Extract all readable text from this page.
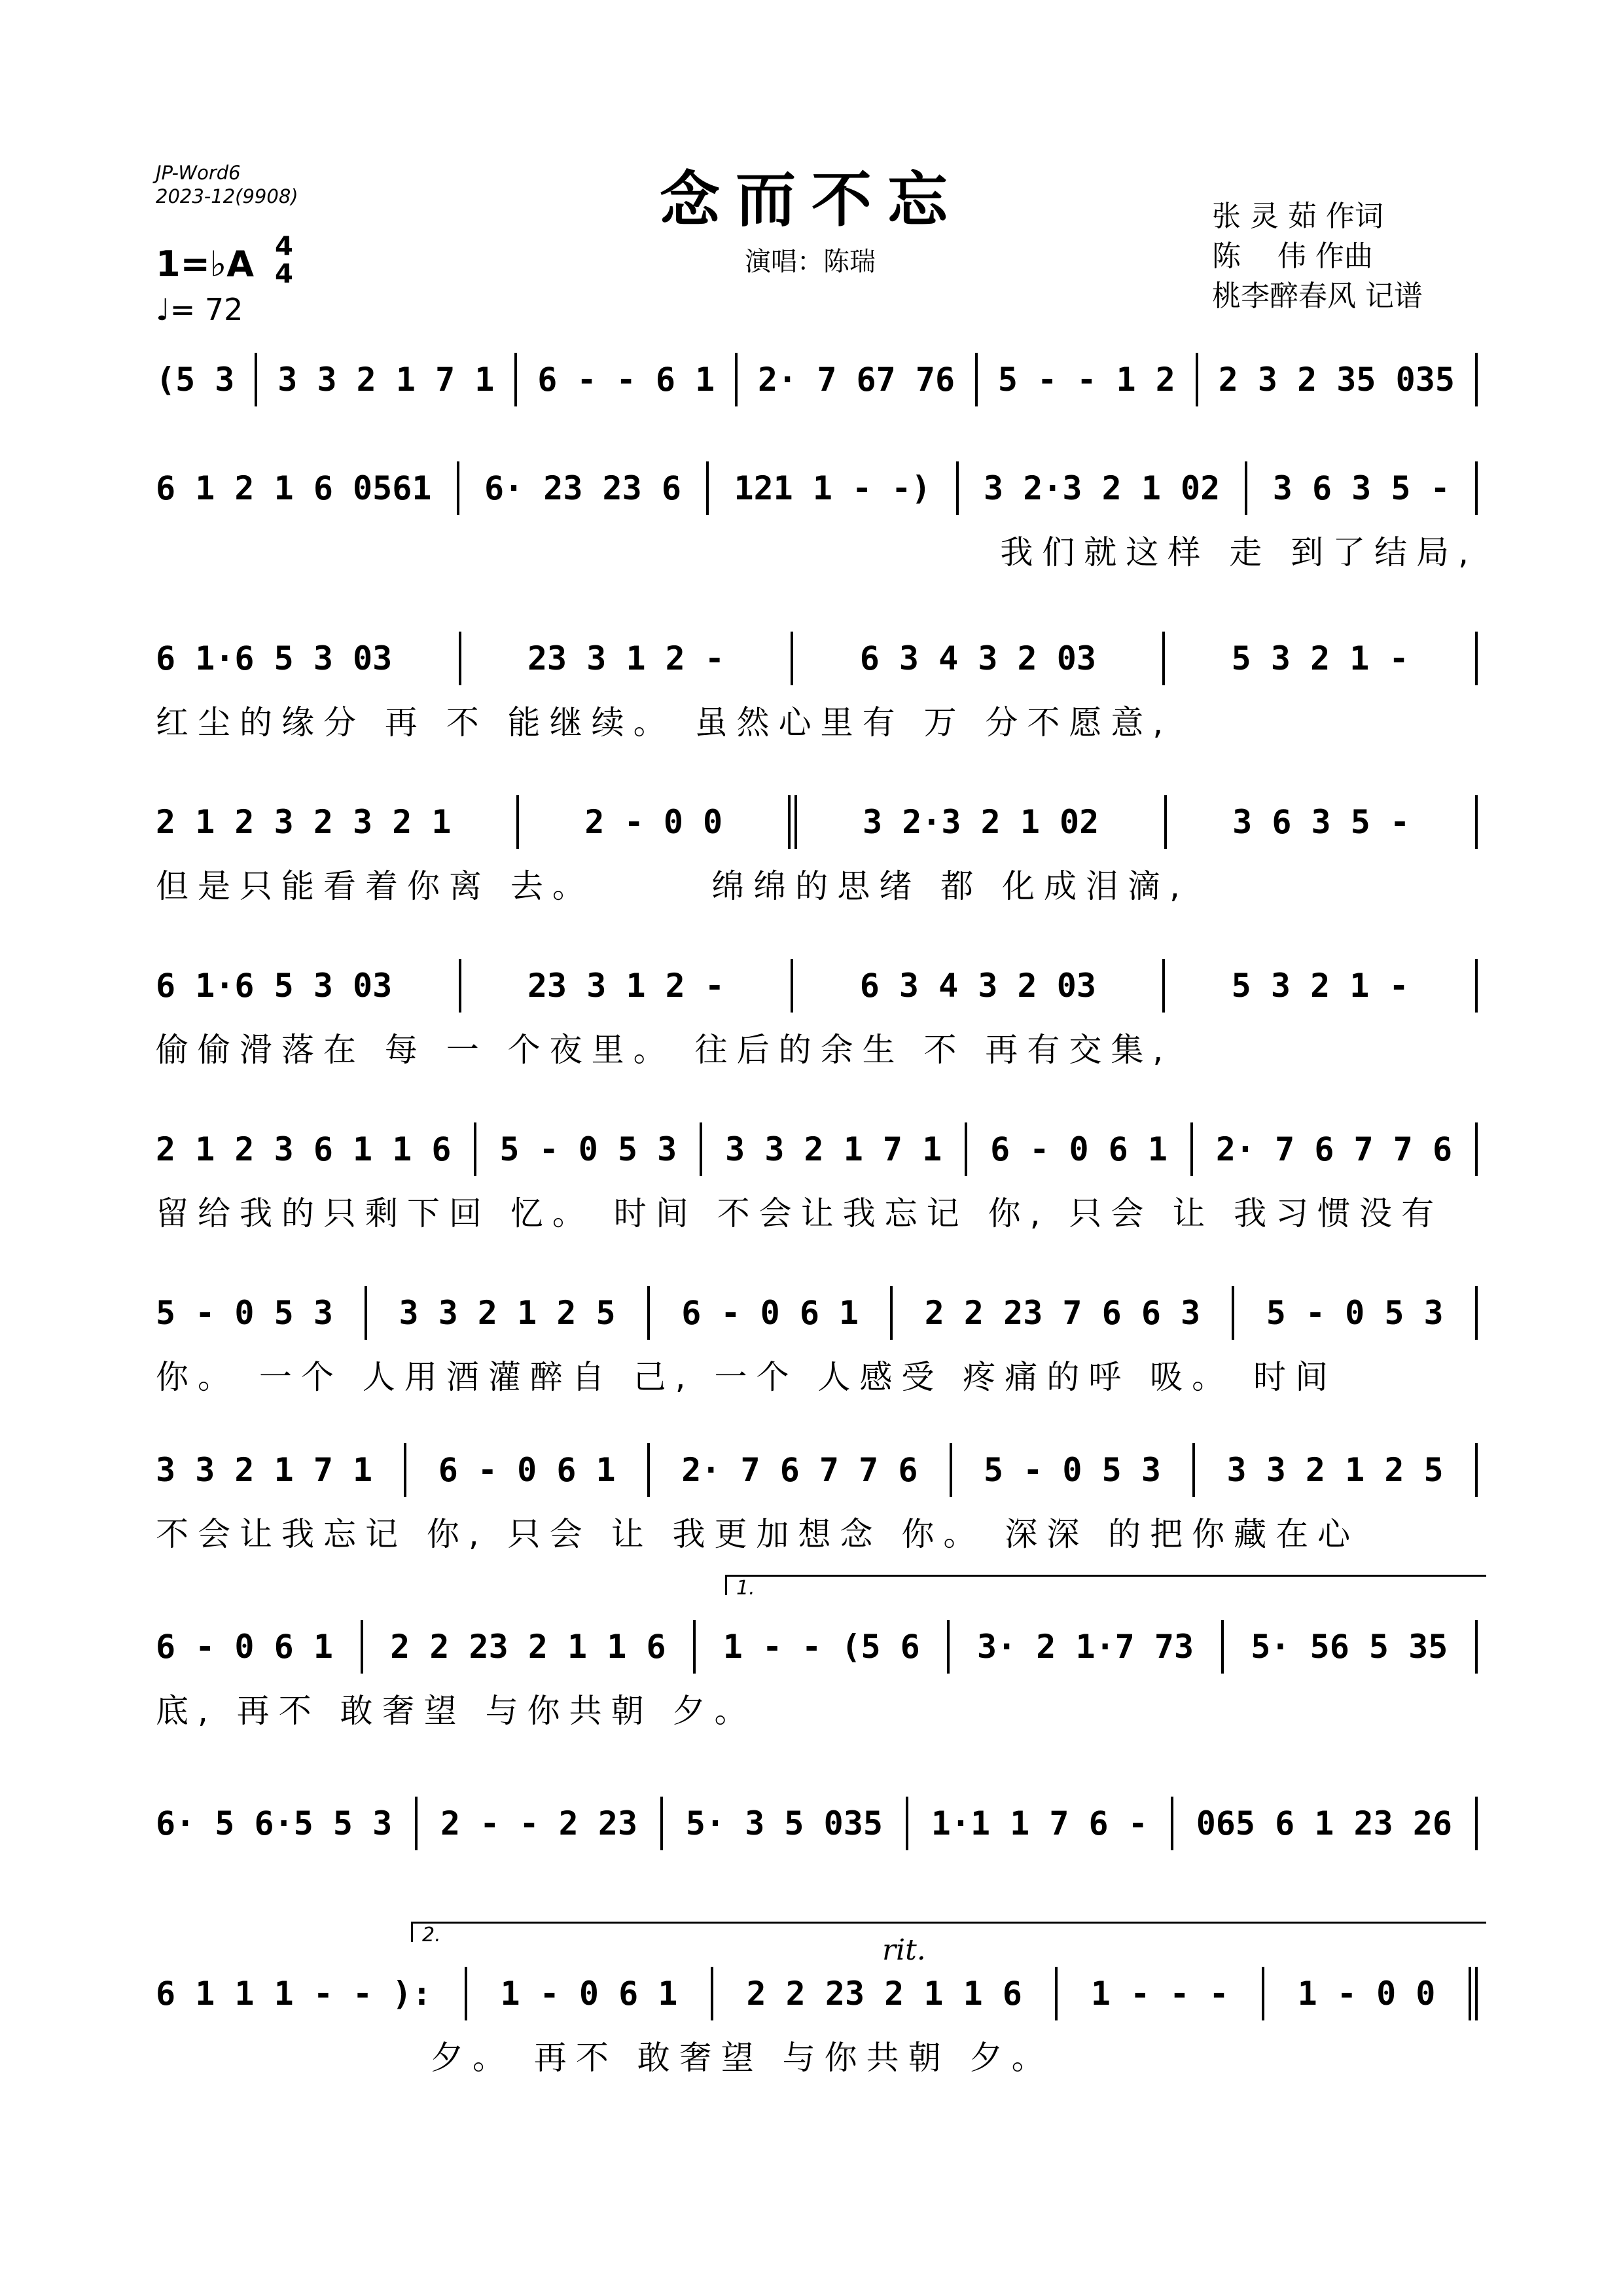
JP-Word6
2023-12(9908)	念而不忘
演唱：陈瑞
张 灵 茹 作词
陈    伟 作曲
桃李醉春风 记谱
1=♭A 4
4
♩= 72
(5 3 3 3 2 1 7 1 6 - - 6 1 2· 7 67 76 5 - - 1 2 2 3 2 35 035
6 1 2 1 6 0561 6· 23 23 6 121 1 - -) 3 2·3 2 1 02 3 6 3 5 -
我们就这样 走 到了结局,
6 1·6 5 3 03	23 3 1 2 -	6 3 4 3 2 03	5 3 2 1 -
红尘的缘分 再 不 能继续。 虽然心里有 万 分不愿意,
2 1 2 3 2 3 2 1	2 - 0 0	3 2·3 2 1 02	3 6 3 5 -
但是只能看着你离 去。      绵绵的思绪 都 化成泪滴,
6 1·6 5 3 03	23 3 1 2 -	6 3 4 3 2 03	5 3 2 1 -
偷偷滑落在 每 一 个夜里。 往后的余生 不 再有交集,
2 1 2 3 6 1 1 6 5 - 0 5 3 3 3 2 1 7 1 6 - 0 6 1 2· 7 6 7 7 6
留给我的只剩下回 忆。 时间 不会让我忘记 你, 只会 让 我习惯没有
5 - 0 5 3 3 3 2 1 2 5 6 - 0 6 1 2 2 23 7 6 6 3 5 - 0 5 3
你。 一个 人用酒灌醉自 己, 一个 人感受 疼痛的呼 吸。 时间
3 3 2 1 7 1 6 - 0 6 1 2· 7 6 7 7 6 5 - 0 5 3 3 3 2 1 2 5
不会让我忘记 你, 只会 让 我更加想念 你。 深深 的把你藏在心
6 - 0 6 1 2 2 23 2 1 1 6 1 - - (5 6 3· 2 1·7 73 5· 56 5 35
1.
底, 再不 敢奢望 与你共朝 夕。
6· 5 6·5 5 3 2 - - 2 23 5· 3 5 035 1·1 1 7 6 - 065 6 1 23 26
6 1 1 1 - - ): 1 - 0 6 1 2 2 23 2 1 1 6 1 - - - 1 - 0 0
2.	rit.
夕。 再不 敢奢望 与你共朝 夕。
